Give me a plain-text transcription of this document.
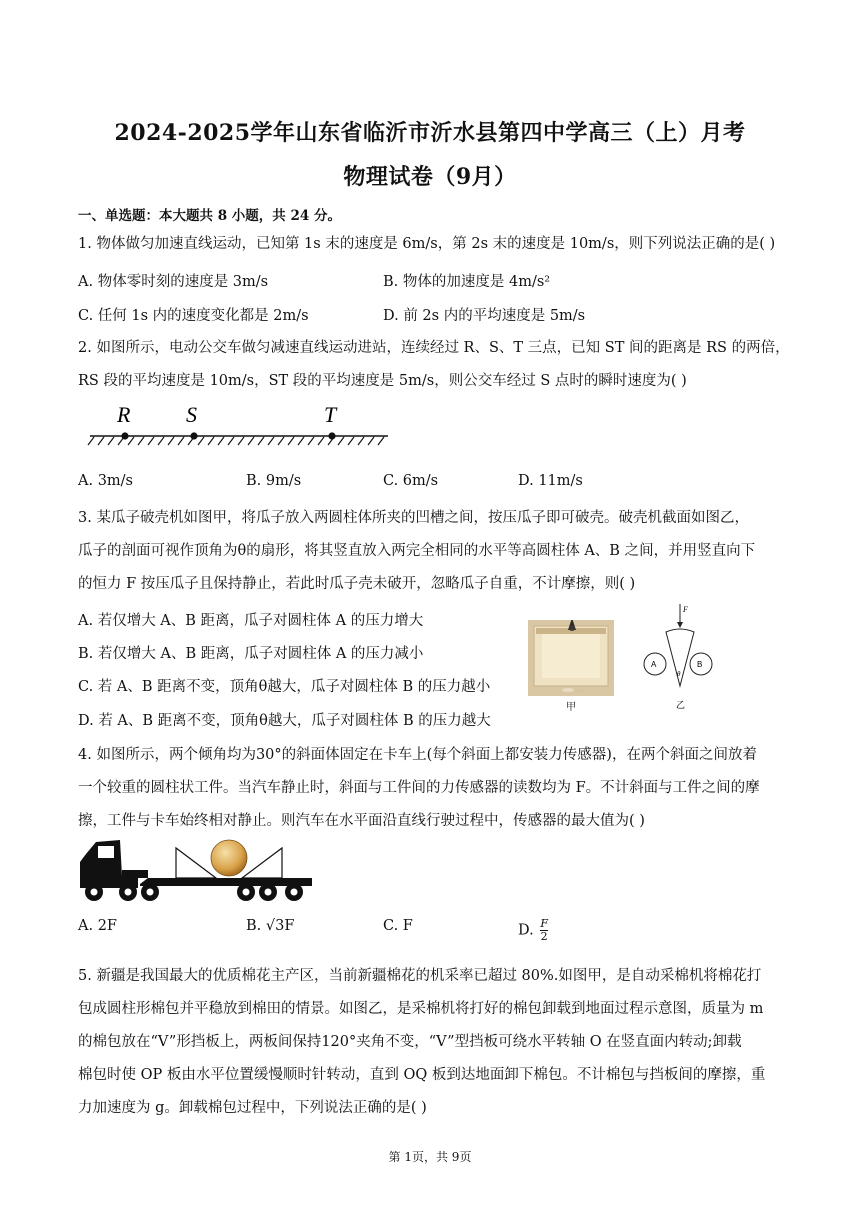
2024-2025学年山东省临沂市沂水县第四中学高三（上）月考
物理试卷（9月）
一、单选题：本大题共 8 小题，共 24 分。
1. 物体做匀加速直线运动，已知第 1s 末的速度是 6m/s，第 2s 末的速度是 10m/s，则下列说法正确的是( )
A. 物体零时刻的速度是 3m/s	B. 物体的加速度是 4m/s²
C. 任何 1s 内的速度变化都是 2m/s	D. 前 2s 内的平均速度是 5m/s
2. 如图所示，电动公交车做匀减速直线运动进站，连续经过 R、S、T 三点，已知 ST 间的距离是 RS 的两倍，
RS 段的平均速度是 10m/s，ST 段的平均速度是 5m/s，则公交车经过 S 点时的瞬时速度为( )
R	S	T
A. 3m/s	B. 9m/s	C. 6m/s	D. 11m/s
3. 某瓜子破壳机如图甲，将瓜子放入两圆柱体所夹的凹槽之间，按压瓜子即可破壳。破壳机截面如图乙，
瓜子的剖面可视作顶角为θ的扇形，将其竖直放入两完全相同的水平等高圆柱体 A、B 之间，并用竖直向下
的恒力 F 按压瓜子且保持静止，若此时瓜子壳未破开，忽略瓜子自重，不计摩擦，则( )
A. 若仅增大 A、B 距离，瓜子对圆柱体 A 的压力增大
B. 若仅增大 A、B 距离，瓜子对圆柱体 A 的压力减小
C. 若 A、B 距离不变，顶角θ越大，瓜子对圆柱体 B 的压力越小
D. 若 A、B 距离不变，顶角θ越大，瓜子对圆柱体 B 的压力越大
甲
F
A	B
θ
乙
4. 如图所示，两个倾角均为30°的斜面体固定在卡车上(每个斜面上都安装力传感器)，在两个斜面之间放着
一个较重的圆柱状工件。当汽车静止时，斜面与工件间的力传感器的读数均为 F。不计斜面与工件之间的摩
擦，工件与卡车始终相对静止。则汽车在水平面沿直线行驶过程中，传感器的最大值为( )
A. 2F	B. √3F	C. F	D. $\frac{F}{2}$
5. 新疆是我国最大的优质棉花主产区，当前新疆棉花的机采率已超过 80%.如图甲，是自动采棉机将棉花打
包成圆柱形棉包并平稳放到棉田的情景。如图乙，是采棉机将打好的棉包卸载到地面过程示意图，质量为 m
的棉包放在“V”形挡板上，两板间保持120°夹角不变，“V”型挡板可绕水平转轴 O 在竖直面内转动;卸载
棉包时使 OP 板由水平位置缓慢顺时针转动，直到 OQ 板到达地面卸下棉包。不计棉包与挡板间的摩擦，重
力加速度为 g。卸载棉包过程中，下列说法正确的是( )
第 1页，共 9页
